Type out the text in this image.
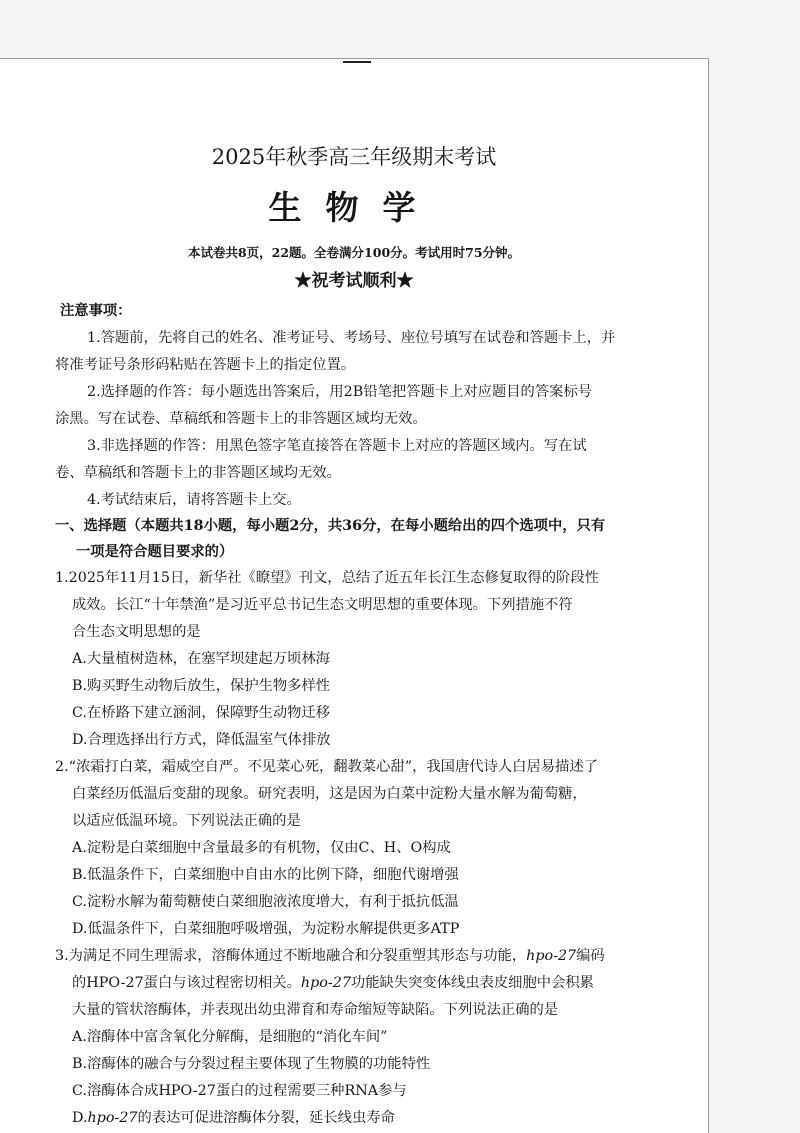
2025年秋季高三年级期末考试
生物学
本试卷共8页，22题。全卷满分100分。考试用时75分钟。
★祝考试顺利★
注意事项：
1.答题前，先将自己的姓名、准考证号、考场号、座位号填写在试卷和答题卡上，并
将准考证号条形码粘贴在答题卡上的指定位置。
2.选择题的作答：每小题选出答案后，用2B铅笔把答题卡上对应题目的答案标号
涂黑。写在试卷、草稿纸和答题卡上的非答题区域均无效。
3.非选择题的作答：用黑色签字笔直接答在答题卡上对应的答题区域内。写在试
卷、草稿纸和答题卡上的非答题区域均无效。
4.考试结束后，请将答题卡上交。
一、选择题（本题共18小题，每小题2分，共36分，在每小题给出的四个选项中，只有
一项是符合题目要求的）
1.2025年11月15日，新华社《瞭望》刊文，总结了近五年长江生态修复取得的阶段性
成效。长江“十年禁渔”是习近平总书记生态文明思想的重要体现。下列措施不符
合生态文明思想的是
A.大量植树造林，在塞罕坝建起万顷林海
B.购买野生动物后放生，保护生物多样性
C.在桥路下建立涵洞，保障野生动物迁移
D.合理选择出行方式，降低温室气体排放
2.“浓霜打白菜，霜威空自严。不见菜心死，翻教菜心甜”，我国唐代诗人白居易描述了
白菜经历低温后变甜的现象。研究表明，这是因为白菜中淀粉大量水解为葡萄糖，
以适应低温环境。下列说法正确的是
A.淀粉是白菜细胞中含量最多的有机物，仅由C、H、O构成
B.低温条件下，白菜细胞中自由水的比例下降，细胞代谢增强
C.淀粉水解为葡萄糖使白菜细胞液浓度增大，有利于抵抗低温
D.低温条件下，白菜细胞呼吸增强，为淀粉水解提供更多ATP
3.为满足不同生理需求，溶酶体通过不断地融合和分裂重塑其形态与功能，hpo-27编码
的HPO-27蛋白与该过程密切相关。hpo-27功能缺失突变体线虫表皮细胞中会积累
大量的管状溶酶体，并表现出幼虫滞育和寿命缩短等缺陷。下列说法正确的是
A.溶酶体中富含氧化分解酶，是细胞的“消化车间”
B.溶酶体的融合与分裂过程主要体现了生物膜的功能特性
C.溶酶体合成HPO-27蛋白的过程需要三种RNA参与
D.hpo-27的表达可促进溶酶体分裂，延长线虫寿命
